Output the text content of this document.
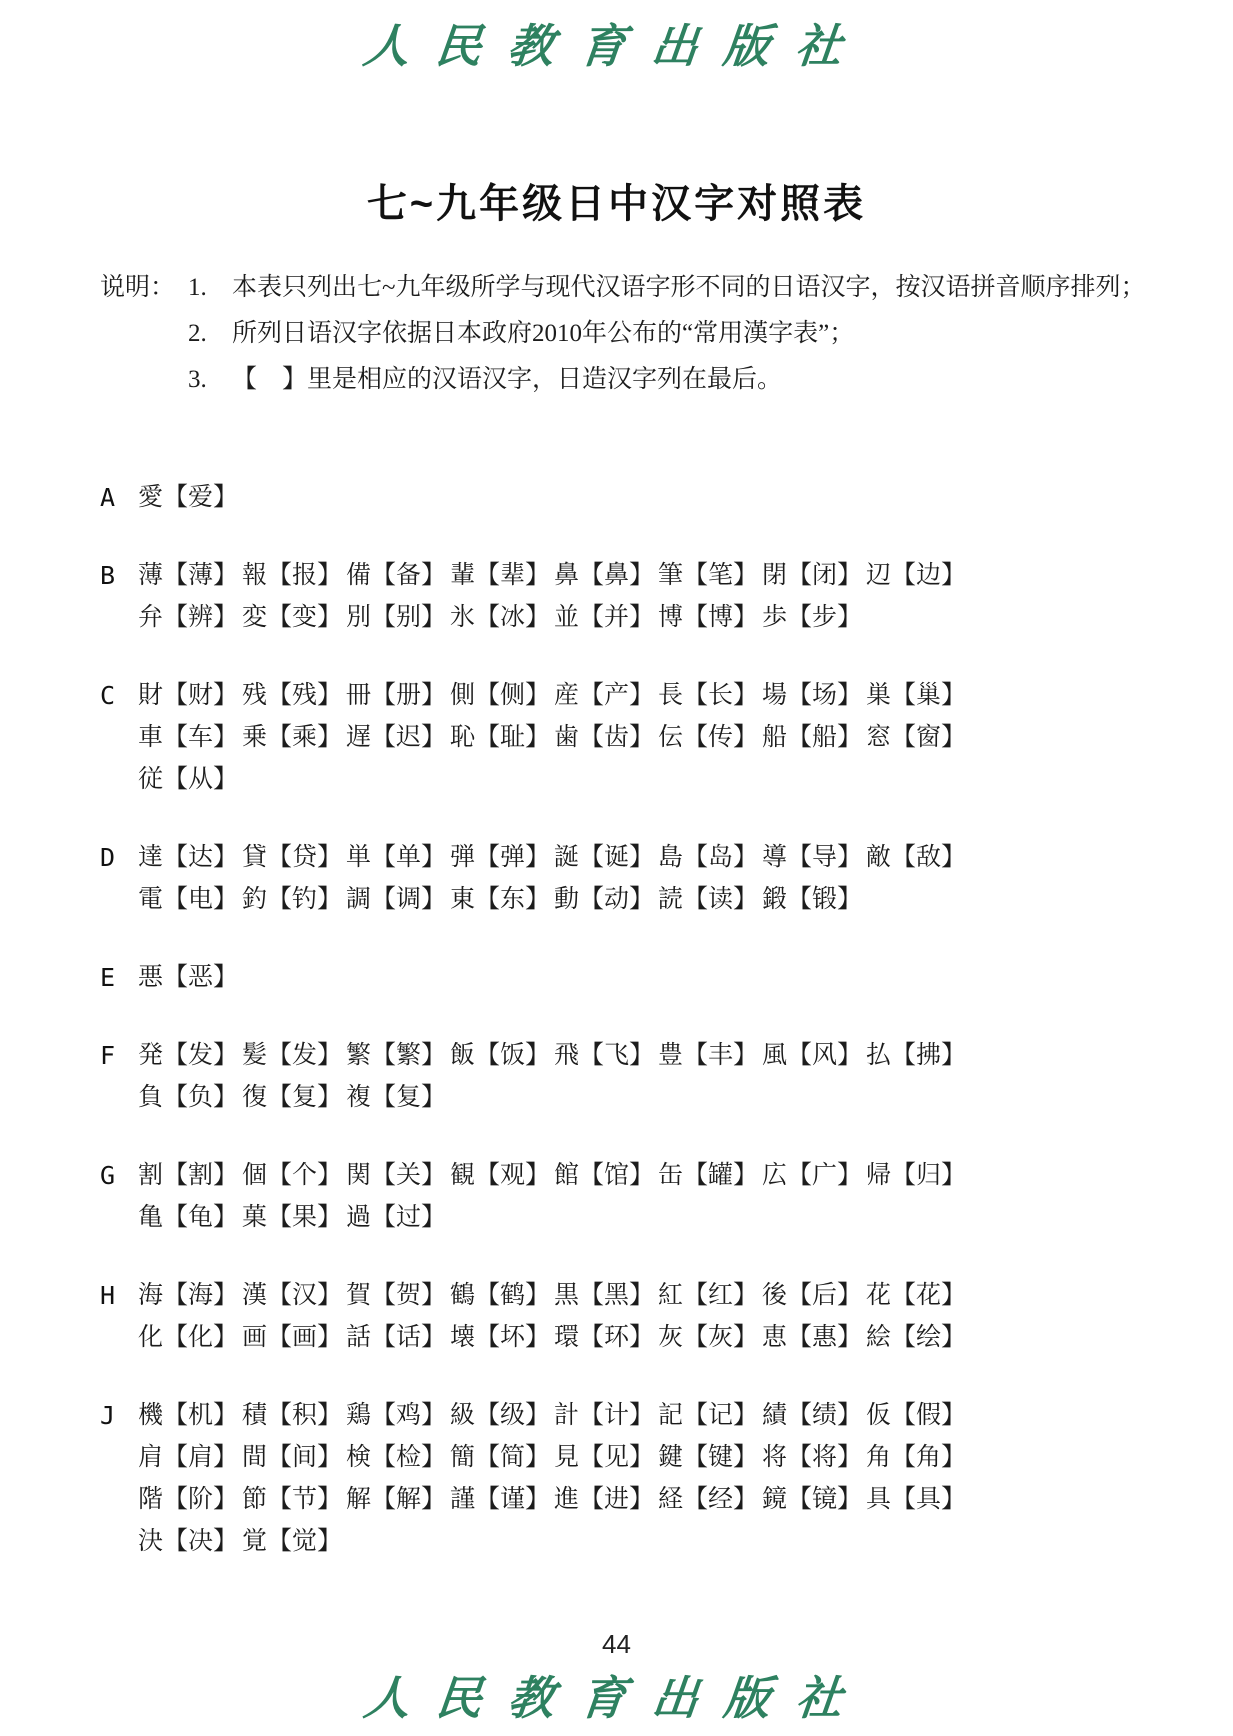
人民教育出版社
七~九年级日中汉字对照表
说明： 1.	本表只列出七~九年级所学与现代汉语字形不同的日语汉字，按汉语拼音顺序排列；
2.	所列日语汉字依据日本政府2010年公布的“常用漢字表”；
3.	【　】里是相应的汉语汉字，日造汉字列在最后。
A 愛【爱】
B 薄【薄】 報【报】 備【备】 輩【辈】 鼻【鼻】 筆【笔】 閉【闭】 辺【边】
弁【辨】 変【变】 別【别】 氷【冰】 並【并】 博【博】 歩【步】
C 財【财】 残【残】 冊【册】 側【侧】 産【产】 長【长】 場【场】 巣【巢】
車【车】 乗【乘】 遅【迟】 恥【耻】 歯【齿】 伝【传】 船【船】 窓【窗】
従【从】
D 達【达】 貸【贷】 単【单】 弾【弹】 誕【诞】 島【岛】 導【导】 敵【敌】
電【电】 釣【钓】 調【调】 東【东】 動【动】 読【读】 鍛【锻】
E 悪【恶】
F 発【发】 髪【发】 繁【繁】 飯【饭】 飛【飞】 豊【丰】 風【风】 払【拂】
負【负】 復【复】 複【复】
G 割【割】 個【个】 関【关】 観【观】 館【馆】 缶【罐】 広【广】 帰【归】
亀【龟】 菓【果】 過【过】
H 海【海】 漢【汉】 賀【贺】 鶴【鹤】 黒【黑】 紅【红】 後【后】 花【花】
化【化】 画【画】 話【话】 壊【坏】 環【环】 灰【灰】 恵【惠】 絵【绘】
J 機【机】 積【积】 鶏【鸡】 級【级】 計【计】 記【记】 績【绩】 仮【假】
肩【肩】 間【间】 検【检】 簡【简】 見【见】 鍵【键】 将【将】 角【角】
階【阶】 節【节】 解【解】 謹【谨】 進【进】 経【经】 鏡【镜】 具【具】
決【决】 覚【觉】
44
人民教育出版社
